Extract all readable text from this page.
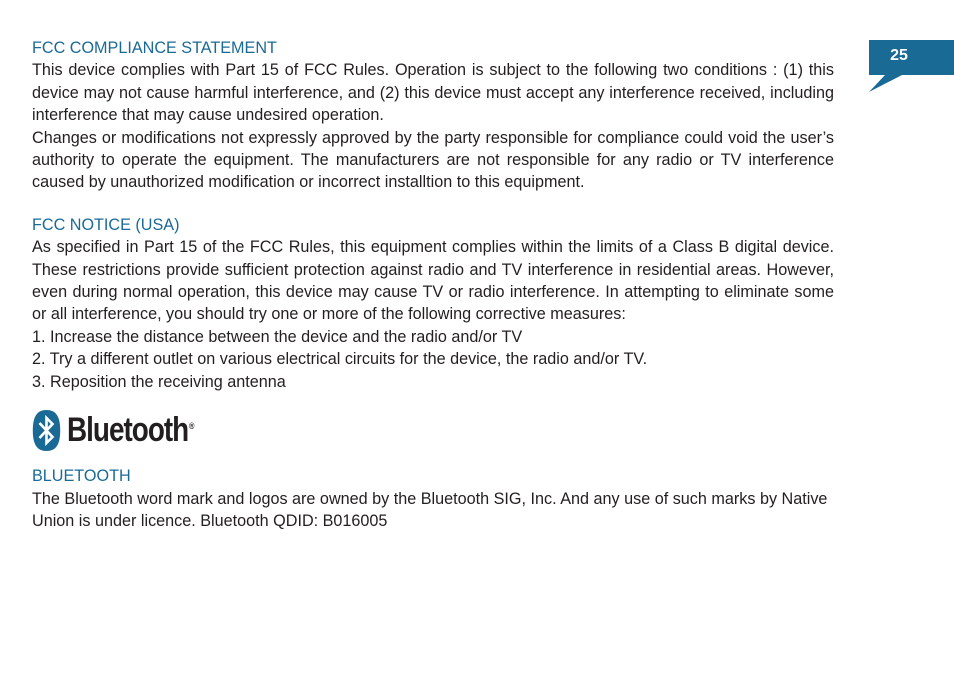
FCC COMPLIANCE STATEMENT

This device complies with Part 15 of FCC Rules. Operation is subject to the following two conditions : (1) this device may not cause harmful interference, and (2) this device must accept any interference received, including interference that may cause undesired operation.

Changes or modifications not expressly approved by the party responsible for compliance could void the user’s authority to operate the equipment. The manufacturers are not responsible for any radio or TV interference caused by unauthorized modification or incorrect installtion to this equipment.

FCC NOTICE (USA)

As specified in Part 15 of the FCC Rules, this equipment complies within the limits of a Class B digital device. These restrictions provide sufficient protection against radio and TV interference in residential areas. However, even during normal operation, this device may cause TV or radio interference. In attempting to eliminate some or all interference, you should try one or more of the following corrective measures:

1. Increase the distance between the device and the radio and/or TV
2. Try a different outlet on various electrical circuits for the device, the radio and/or TV.
3. Reposition the receiving antenna
Bluetooth®
BLUETOOTH

The Bluetooth word mark and logos are owned by the Bluetooth SIG, Inc. And any use of such marks by Native Union is under licence. Bluetooth QDID: B016005

25
